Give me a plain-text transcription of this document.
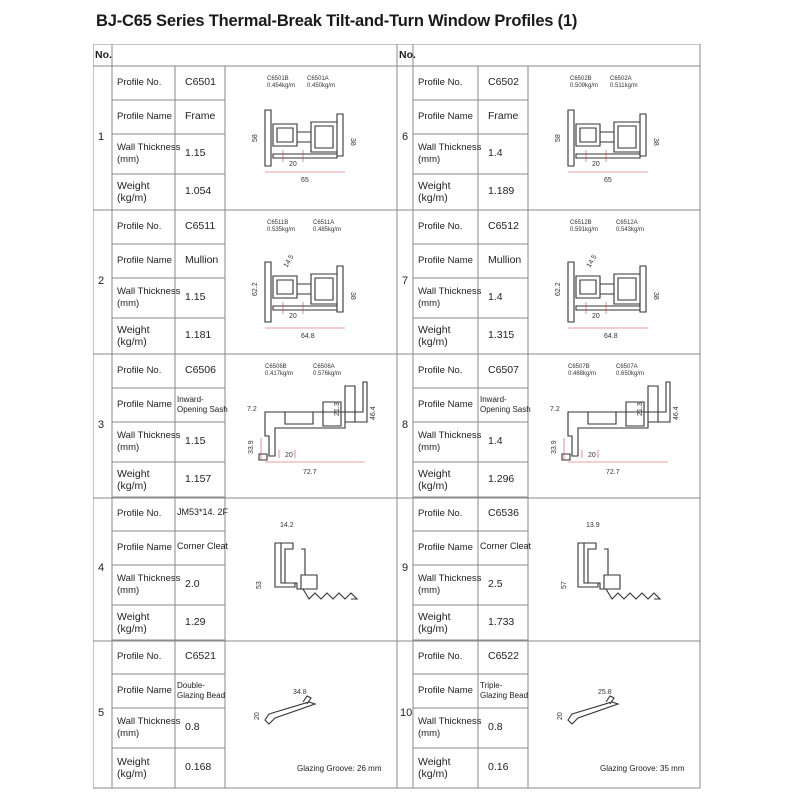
BJ-C65 Series Thermal-Break Tilt-and-Turn Window Profiles (1)
No.	No.
1
Profile No. C6501
Profile Name Frame
Wall Thickness
(mm)
1.15
Weight
(kg/m)
1.054
2
Profile No. C6511
Profile Name Mullion
Wall Thickness
(mm)
1.15
Weight
(kg/m)
1.181
3
Profile No. C6506
Profile Name Inward-
Opening Sash
Wall Thickness
(mm)
1.15
Weight
(kg/m)
1.157
4
Profile No. JM53*14. 2F
Profile Name Corner Cleat
Wall Thickness
(mm)
2.0
Weight
(kg/m)
1.29
5
Profile No. C6521
Profile Name Double-
Glazing Bead
Wall Thickness
(mm)
0.8
Weight
(kg/m)
0.168
6
Profile No. C6502
Profile Name Frame
Wall Thickness
(mm)
1.4
Weight
(kg/m)
1.189
7
Profile No. C6512
Profile Name Mullion
Wall Thickness
(mm)
1.4
Weight
(kg/m)
1.315
8
Profile No. C6507
Profile Name Inward-
Opening Sash
Wall Thickness
(mm)
1.4
Weight
(kg/m)
1.296
9
Profile No. C6536
Profile Name Corner Cleat
Wall Thickness
(mm)
2.5
Weight
(kg/m)
1.733
10
Profile No. C6522
Profile Name Triple-
Glazing Bead
Wall Thickness
(mm)
0.8
Weight
(kg/m)
0.16
C6501B
0.454kg/m
C6501A
0.450kg/m
58
20
38
65
C6511B
0.535kg/m
C6511A
0.485kg/m
62.2
20
38
64.8
14.5
C6506B
0.417kg/m
C6506A
0.576kg/m
7.2	46.4
33.9
20
72.7
21.3
14.2
53
34.8
20
Glazing Groove: 26 mm
C6502B
0.509kg/m
C6502A
0.511kg/m
58
20
38
65
C6512B
0.591kg/m
C6512A
0.543kg/m
62.2
20
38
64.8
14.5
C6507B
0.468kg/m
C6507A
0.650kg/m
7.2	46.4
33.9
20
72.7
21.3
13.9
57
25.8
20
Glazing Groove: 35 mm
